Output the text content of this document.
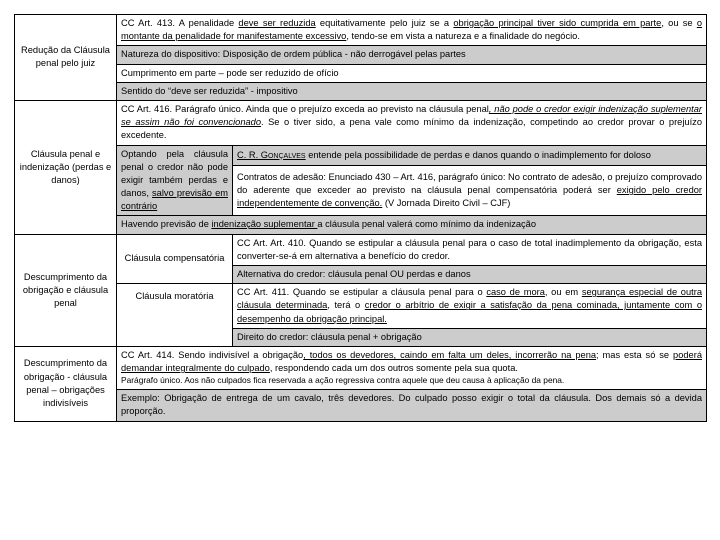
Redução da Cláusula penal pelo juiz	CC Art. 413. A penalidade deve ser reduzida equitativamente pelo juiz se a obrigação principal tiver sido cumprida em parte, ou se o montante da penalidade for manifestamente excessivo, tendo-se em vista a natureza e a finalidade do negócio.	
	Natureza do dispositivo: Disposição de ordem pública - não derrogável pelas partes	
	Cumprimento em parte – pode ser reduzido de ofício	
	Sentido do “deve ser reduzida” - impositivo	
Cláusula penal e indenização (perdas e danos)	CC Art. 416. Parágrafo único. Ainda que o prejuízo exceda ao previsto na cláusula penal, não pode o credor exigir indenização suplementar se assim não foi convencionado. Se o tiver sido, a pena vale como mínimo da indenização, competindo ao credor provar o prejuízo excedente.	
	Optando pela cláusula penal o credor não pode exigir também perdas e danos, salvo previsão em contrário	C. R. Gonçalves entende pela possibilidade de perdas e danos quando o inadimplemento for doloso
		Contratos de adesão: Enunciado 430 – Art. 416, parágrafo único: No contrato de adesão, o prejuízo comprovado do aderente que exceder ao previsto na cláusula penal compensatória poderá ser exigido pelo credor independentemente de convenção. (V Jornada Direito Civil – CJF)
	Havendo previsão de indenização suplementar a cláusula penal valerá como mínimo da indenização	
Descumprimento da obrigação e cláusula penal	Cláusula compensatória	CC Art. Art. 410. Quando se estipular a cláusula penal para o caso de total inadimplemento da obrigação, esta converter-se-á em alternativa a benefício do credor.
		Alternativa do credor: cláusula penal OU perdas e danos
	Cláusula moratória	CC Art. 411. Quando se estipular a cláusula penal para o caso de mora, ou em segurança especial de outra cláusula determinada, terá o credor o arbítrio de exigir a satisfação da pena cominada, juntamente com o desempenho da obrigação principal.
		Direito do credor: cláusula penal + obrigação
Descumprimento da obrigação - cláusula penal – obrigações indivisíveis	CC Art. 414. Sendo indivisível a obrigação, todos os devedores, caindo em falta um deles, incorrerão na pena; mas esta só se poderá demandar integralmente do culpado, respondendo cada um dos outros somente pela sua quota.
Parágrafo único. Aos não culpados fica reservada a ação regressiva contra aquele que deu causa à aplicação da pena.	

	Exemplo: Obrigação de entrega de um cavalo, três devedores. Do culpado posso exigir o total da cláusula. Dos demais só a devida proporção.	
